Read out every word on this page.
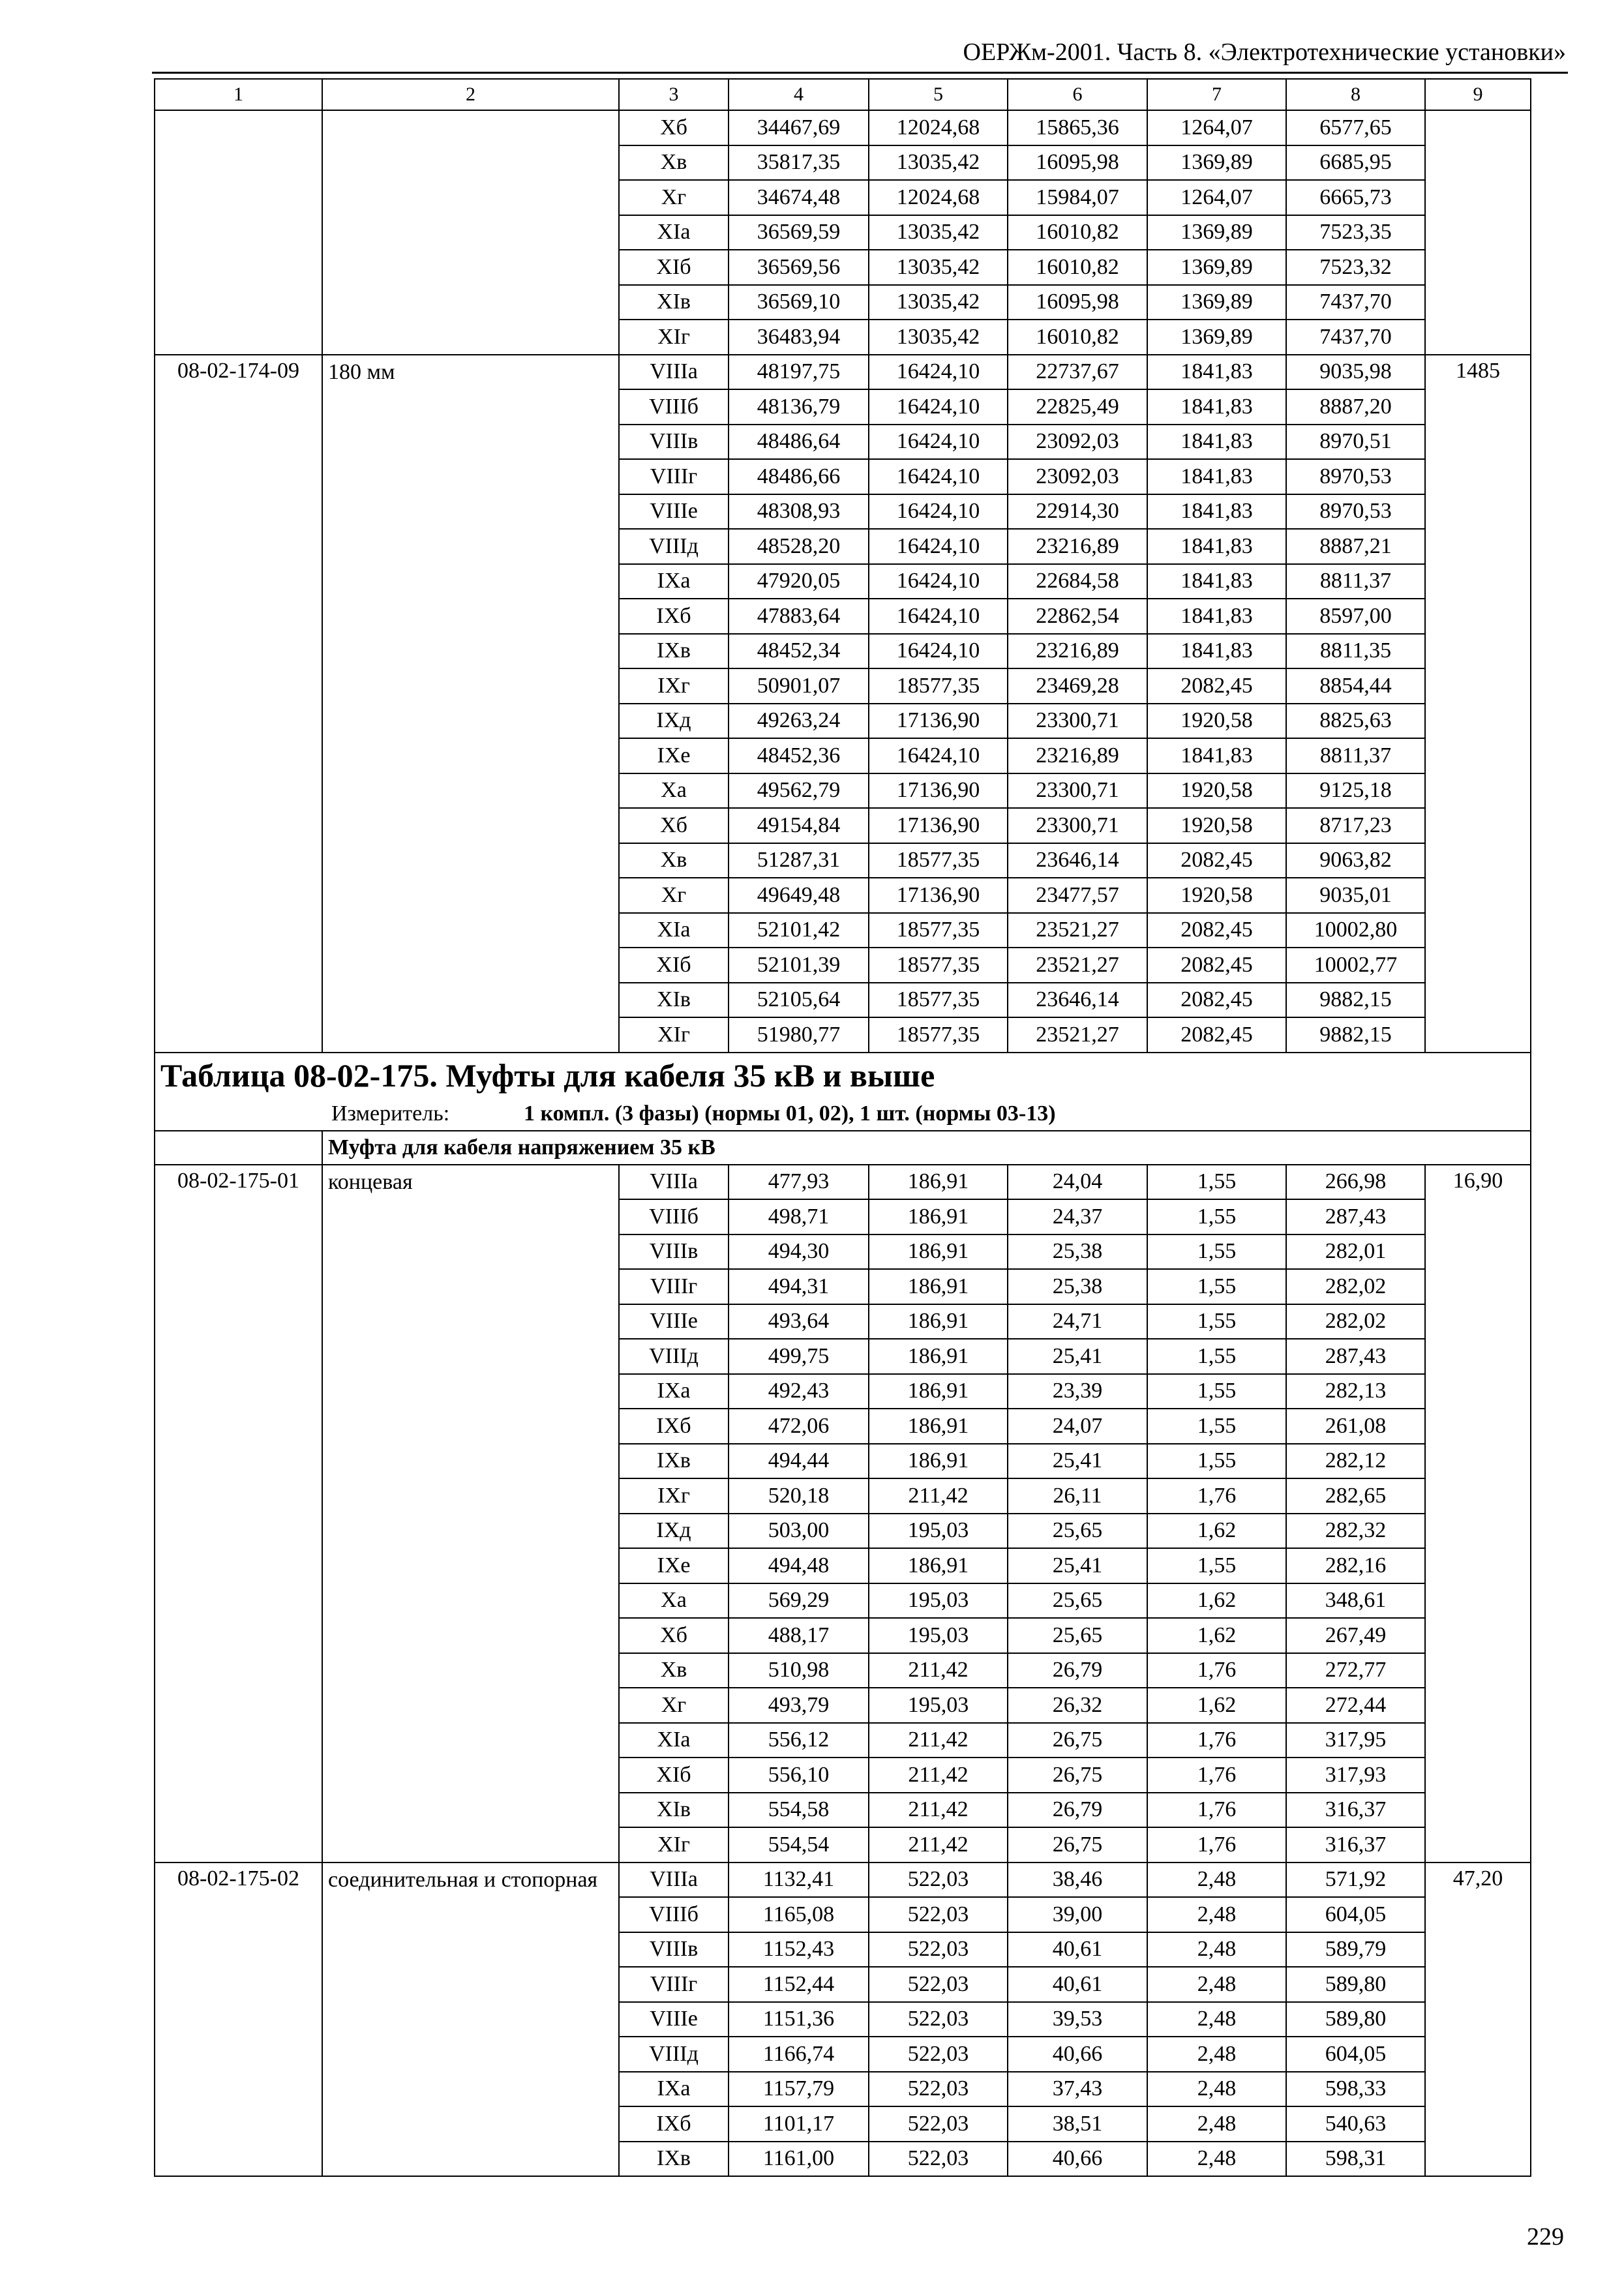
ОЕРЖм-2001. Часть 8. «Электротехнические установки»
1	2	3	4	5	6	7	8	9
		Xб	34467,69	12024,68	15865,36	1264,07	6577,65	
		Xв	35817,35	13035,42	16095,98	1369,89	6685,95	
		Xг	34674,48	12024,68	15984,07	1264,07	6665,73	
		XIа	36569,59	13035,42	16010,82	1369,89	7523,35	
		XIб	36569,56	13035,42	16010,82	1369,89	7523,32	
		XIв	36569,10	13035,42	16095,98	1369,89	7437,70	
		XIг	36483,94	13035,42	16010,82	1369,89	7437,70	
08-02-174-09	180 мм	VIIIа	48197,75	16424,10	22737,67	1841,83	9035,98	1485
		VIIIб	48136,79	16424,10	22825,49	1841,83	8887,20	
		VIIIв	48486,64	16424,10	23092,03	1841,83	8970,51	
		VIIIг	48486,66	16424,10	23092,03	1841,83	8970,53	
		VIIIе	48308,93	16424,10	22914,30	1841,83	8970,53	
		VIIIд	48528,20	16424,10	23216,89	1841,83	8887,21	
		IXа	47920,05	16424,10	22684,58	1841,83	8811,37	
		IXб	47883,64	16424,10	22862,54	1841,83	8597,00	
		IXв	48452,34	16424,10	23216,89	1841,83	8811,35	
		IXг	50901,07	18577,35	23469,28	2082,45	8854,44	
		IXд	49263,24	17136,90	23300,71	1920,58	8825,63	
		IXе	48452,36	16424,10	23216,89	1841,83	8811,37	
		Xа	49562,79	17136,90	23300,71	1920,58	9125,18	
		Xб	49154,84	17136,90	23300,71	1920,58	8717,23	
		Xв	51287,31	18577,35	23646,14	2082,45	9063,82	
		Xг	49649,48	17136,90	23477,57	1920,58	9035,01	
		XIа	52101,42	18577,35	23521,27	2082,45	10002,80	
		XIб	52101,39	18577,35	23521,27	2082,45	10002,77	
		XIв	52105,64	18577,35	23646,14	2082,45	9882,15	
		XIг	51980,77	18577,35	23521,27	2082,45	9882,15	
Таблица 08-02-175. Муфты для кабеля 35 кВ и выше								
Измеритель: 1 компл. (3 фазы) (нормы 01, 02), 1 шт. (нормы 03-13)								
	Муфта для кабеля напряжением 35 кВ							
08-02-175-01	концевая	VIIIа	477,93	186,91	24,04	1,55	266,98	16,90
		VIIIб	498,71	186,91	24,37	1,55	287,43	
		VIIIв	494,30	186,91	25,38	1,55	282,01	
		VIIIг	494,31	186,91	25,38	1,55	282,02	
		VIIIе	493,64	186,91	24,71	1,55	282,02	
		VIIIд	499,75	186,91	25,41	1,55	287,43	
		IXа	492,43	186,91	23,39	1,55	282,13	
		IXб	472,06	186,91	24,07	1,55	261,08	
		IXв	494,44	186,91	25,41	1,55	282,12	
		IXг	520,18	211,42	26,11	1,76	282,65	
		IXд	503,00	195,03	25,65	1,62	282,32	
		IXе	494,48	186,91	25,41	1,55	282,16	
		Xа	569,29	195,03	25,65	1,62	348,61	
		Xб	488,17	195,03	25,65	1,62	267,49	
		Xв	510,98	211,42	26,79	1,76	272,77	
		Xг	493,79	195,03	26,32	1,62	272,44	
		XIа	556,12	211,42	26,75	1,76	317,95	
		XIб	556,10	211,42	26,75	1,76	317,93	
		XIв	554,58	211,42	26,79	1,76	316,37	
		XIг	554,54	211,42	26,75	1,76	316,37	
08-02-175-02	соединительная и стопорная	VIIIа	1132,41	522,03	38,46	2,48	571,92	47,20
		VIIIб	1165,08	522,03	39,00	2,48	604,05	
		VIIIв	1152,43	522,03	40,61	2,48	589,79	
		VIIIг	1152,44	522,03	40,61	2,48	589,80	
		VIIIе	1151,36	522,03	39,53	2,48	589,80	
		VIIIд	1166,74	522,03	40,66	2,48	604,05	
		IXа	1157,79	522,03	37,43	2,48	598,33	
		IXб	1101,17	522,03	38,51	2,48	540,63	
		IXв	1161,00	522,03	40,66	2,48	598,31	
229
